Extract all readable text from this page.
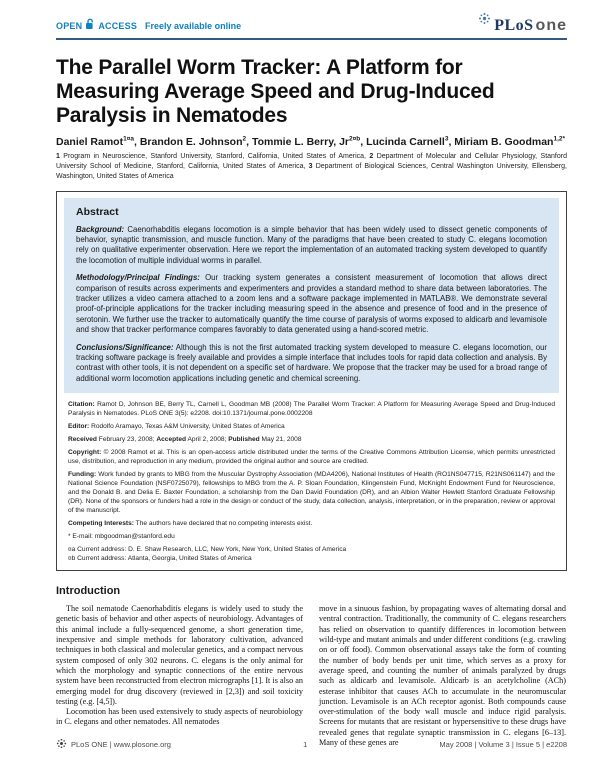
OPEN ACCESS Freely available online	PLoS one
The Parallel Worm Tracker: A Platform for Measuring Average Speed and Drug-Induced Paralysis in Nematodes
Daniel Ramot$^{1¤a}$, Brandon E. Johnson$^2$, Tommie L. Berry, $Jr^{2¤b}$, Lucinda Carnell$^3$, Miriam B. Goodman$^{1,2*}$
1 Program in Neuroscience, Stanford University, Stanford, California, United States of America, 2 Department of Molecular and Cellular Physiology, Stanford University School of Medicine, Stanford, California, United States of America, 3 Department of Biological Sciences, Central Washington University, Ellensberg, Washington, United States of America
Abstract

Background: Caenorhabditis elegans locomotion is a simple behavior that has been widely used to dissect genetic components of behavior, synaptic transmission, and muscle function. Many of the paradigms that have been created to study C. elegans locomotion rely on qualitative experimenter observation. Here we report the implementation of an automated tracking system developed to quantify the locomotion of multiple individual worms in parallel.

Methodology/Principal Findings: Our tracking system generates a consistent measurement of locomotion that allows direct comparison of results across experiments and experimenters and provides a standard method to share data between laboratories. The tracker utilizes a video camera attached to a zoom lens and a software package implemented in MATLAB®. We demonstrate several proof-of-principle applications for the tracker including measuring speed in the absence and presence of food and in the presence of serotonin. We further use the tracker to automatically quantify the time course of paralysis of worms exposed to aldicarb and levamisole and show that tracker performance compares favorably to data generated using a hand-scored metric.

Conclusions/Significance: Although this is not the first automated tracking system developed to measure C. elegans locomotion, our tracking software package is freely available and provides a simple interface that includes tools for rapid data collection and analysis. By contrast with other tools, it is not dependent on a specific set of hardware. We propose that the tracker may be used for a broad range of additional worm locomotion applications including genetic and chemical screening.

Citation: Ramot D, Johnson BE, Berry TL, Carnell L, Goodman MB (2008) The Parallel Worm Tracker: A Platform for Measuring Average Speed and Drug-Induced Paralysis in Nematodes. PLoS ONE 3(5): e2208. doi:10.1371/journal.pone.0002208
Editor: Rodolfo Aramayo, Texas A&M University, United States of America
Received February 23, 2008; Accepted April 2, 2008; Published May 21, 2008
Copyright: © 2008 Ramot et al. This is an open-access article distributed under the terms of the Creative Commons Attribution License, which permits unrestricted use, distribution, and reproduction in any medium, provided the original author and source are credited.
Funding: Work funded by grants to MBG from the Muscular Dystrophy Association (MDA4206), National Institutes of Health (RO1NS047715, R21NS061147) and the National Science Foundation (NSF0725079), fellowships to MBG from the A. P. Sloan Foundation, Klingenstein Fund, McKnight Endowment Fund for Neuroscience, and the Donald B. and Delia E. Baxter Foundation, a scholarship from the Dan David Foundation (DR), and an Albion Walter Hewlett Stanford Graduate Fellowship (DR). None of the sponsors or funders had a role in the design or conduct of the study, data collection, analysis, interpretation, or in the preparation, review or approval of the manuscript.
Competing Interests: The authors have declared that no competing interests exist.
* E-mail: mbgoodman@stanford.edu
¤a Current address: D. E. Shaw Research, LLC, New York, New York, United States of America
¤b Current address: Atlanta, Georgia, United States of America
Introduction

The soil nematode Caenorhabditis elegans is widely used to study the genetic basis of behavior and other aspects of neurobiology. Advantages of this animal include a fully-sequenced genome, a short generation time, inexpensive and simple methods for laboratory cultivation, advanced techniques in both classical and molecular genetics, and a compact nervous system composed of only 302 neurons. C. elegans is the only animal for which the morphology and synaptic connections of the entire nervous system have been reconstructed from electron micrographs [1]. It is also an emerging model for drug discovery (reviewed in [2,3]) and soil toxicity testing (e.g. [4,5]).

Locomotion has been used extensively to study aspects of neurobiology in C. elegans and other nematodes. All nematodes

move in a sinuous fashion, by propagating waves of alternating dorsal and ventral contraction. Traditionally, the community of C. elegans researchers has relied on observation to quantify differences in locomotion between wild-type and mutant animals and under different conditions (e.g. crawling on or off food). Common observational assays take the form of counting the number of body bends per unit time, which serves as a proxy for average speed, and counting the number of animals paralyzed by drugs such as aldicarb and levamisole. Aldicarb is an acetylcholine (ACh) esterase inhibitor that causes ACh to accumulate in the neuromuscular junction. Levamisole is an ACh receptor agonist. Both compounds cause over-stimulation of the body wall muscle and induce rigid paralysis. Screens for mutants that are resistant or hypersensitive to these drugs have revealed genes that regulate synaptic transmission in C. elegans [6–13]. Many of these genes are

PLoS ONE | www.plosone.org	1	May 2008 | Volume 3 | Issue 5 | e2208
